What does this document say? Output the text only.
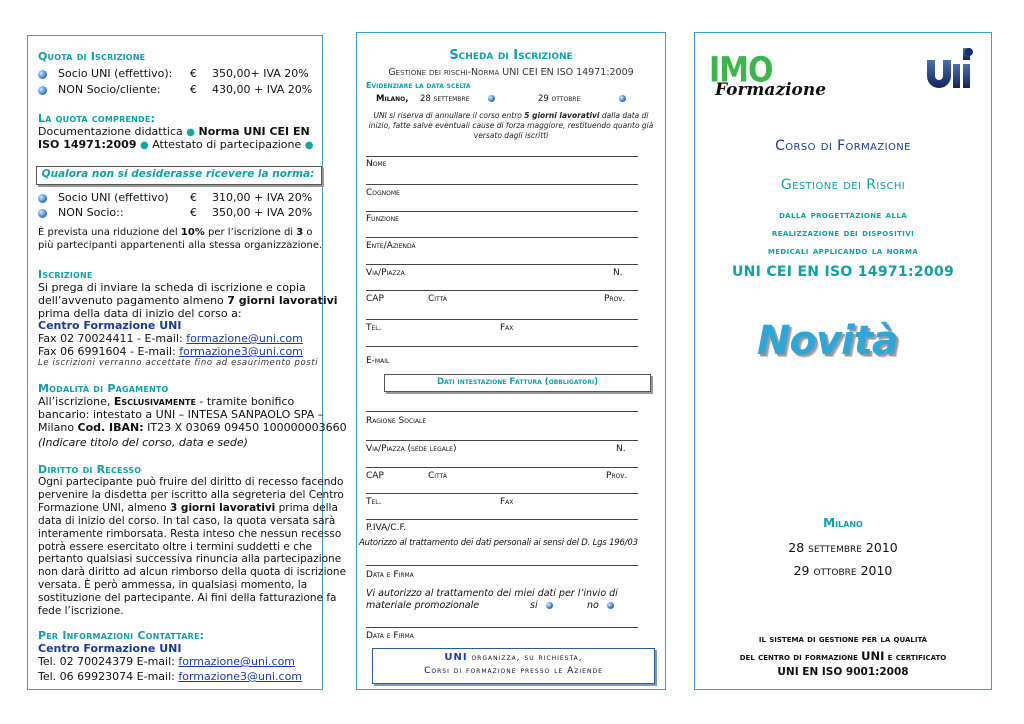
Quota di Iscrizione
Socio UNI (effettivo): € 350,00+ IVA 20%
NON Socio/cliente:	€ 430,00 + IVA 20%
La quota comprende:
Documentazione didattica ● Norma UNI CEI EN
ISO 14971:2009 ● Attestato di partecipazione ●
Qualora non si desiderasse ricevere la norma:
Socio UNI (effettivo) € 310,00 + IVA 20%
NON Socio::	€ 350,00 + IVA 20%
È prevista una riduzione del 10% per l’iscrizione di 3 o
più partecipanti appartenenti alla stessa organizzazione.
Iscrizione
Si prega di inviare la scheda di iscrizione e copia
dell’avvenuto pagamento almeno 7 giorni lavorativi
prima della data di inizio del corso a:
Centro Formazione UNI
Fax 02 70024411 - E-mail: formazione@uni.com
Fax 06 6991604 - E-mail: formazione3@uni.com
Le iscrizioni verranno accettate fino ad esaurimento posti
Modalità di Pagamento
All’iscrizione, Esclusivamente - tramite bonifico
bancario: intestato a UNI – INTESA SANPAOLO SPA –
Milano Cod. IBAN: IT23 X 03069 09450 100000003660
(Indicare titolo del corso, data e sede)
Diritto di Recesso
Ogni partecipante può fruire del diritto di recesso facendo
pervenire la disdetta per iscritto alla segreteria del Centro
Formazione UNI, almeno 3 giorni lavorativi prima della
data di inizio del corso. In tal caso, la quota versata sarà
interamente rimborsata. Resta inteso che nessun recesso
potrà essere esercitato oltre i termini suddetti e che
pertanto qualsiasi successiva rinuncia alla partecipazione
non darà diritto ad alcun rimborso della quota di iscrizione
versata. È però ammessa, in qualsiasi momento, la
sostituzione del partecipante. Ai fini della fatturazione fa
fede l’iscrizione.
Per Informazioni Contattare:
Centro Formazione UNI
Tel. 02 70024379 E-mail: formazione@uni.com
Tel. 06 69923074 E-mail: formazione3@uni.com
Scheda di Iscrizione
Gestione dei rischi-Norma UNI CEI EN ISO 14971:2009
Evidenziare la data scelta
Milano, 28 settembre	29 ottobre
UNI si riserva di annullare il corso entro 5 giorni lavorativi dalla data di
inizio, fatte salve eventuali cause di forza maggiore, restituendo quanto già
versato dagli iscritti
Nome
Cognome
Funzione
Ente/Azienda
Via/Piazza	N.
CAP	Città	Prov.
Tel.	Fax
E-mail
Dati intestazione Fattura (obbligatori)
Ragione Sociale
Via/Piazza (sede legale)	N.
CAP	Città	Prov.
Tel.	Fax
P.IVA/C.F.
Autorizzo al trattamento dei dati personali ai sensi del D. Lgs 196/03
Data e Firma
Vi autorizzo al trattamento dei miei dati per l’invio di
materiale promozionale	si	no
Data e Firma
UNI organizza, su richiesta,
Corsi di formazione presso le Aziende
IMO
Formazione
Corso di Formazione
Gestione dei Rischi
dalla progettazione alla
realizzazione dei dispositivi
medicali applicando la norma
UNI CEI EN ISO 14971:2009
Novità
Milano
28 settembre 2010
29 ottobre 2010
il sistema di gestione per la qualità
del centro di formazione UNI è certificato
UNI EN ISO 9001:2008
